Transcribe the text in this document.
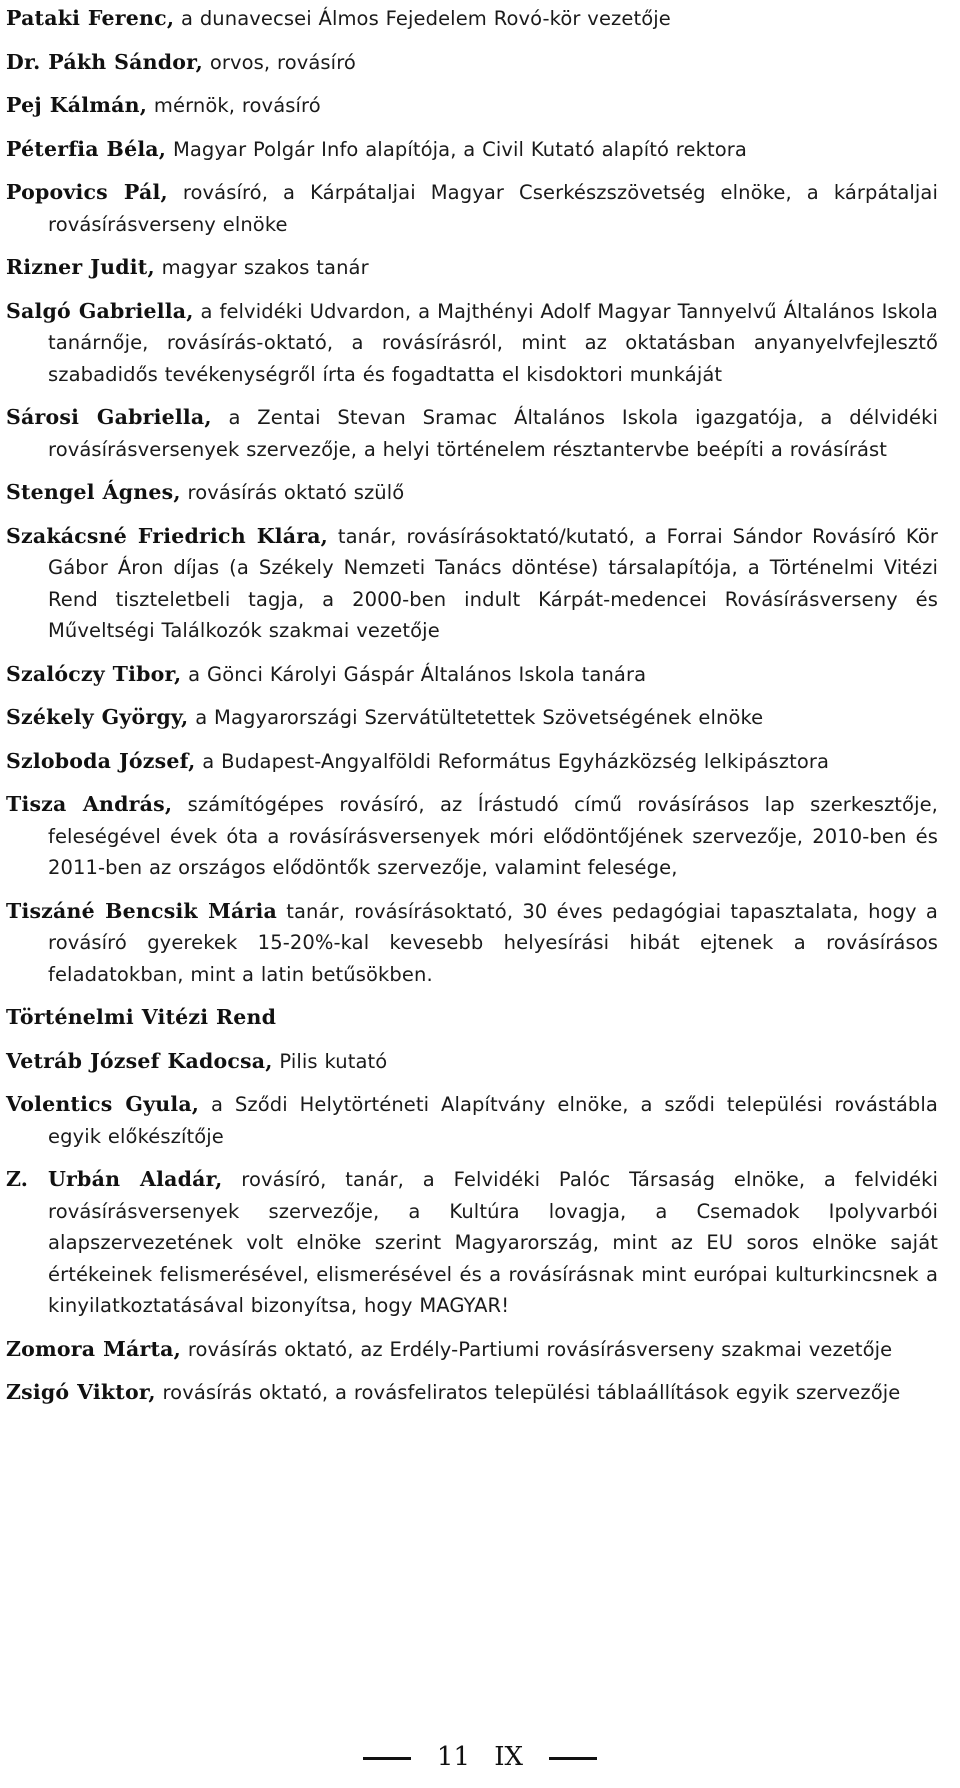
Pataki Ferenc, a dunavecsei Álmos Fejedelem Rovó-kör vezetője

Dr. Pákh Sándor, orvos, rovásíró

Pej Kálmán, mérnök, rovásíró

Péterfia Béla, Magyar Polgár Info alapítója, a Civil Kutató alapító rektora

Popovics Pál, rovásíró, a Kárpátaljai Magyar Cserkészszövetség elnöke, a kárpátaljai rovásírásverseny elnöke

Rizner Judit, magyar szakos tanár

Salgó Gabriella, a felvidéki Udvardon, a Majthényi Adolf Magyar Tannyelvű Általános Iskola tanárnője, rovásírás-oktató, a rovásírásról, mint az oktatásban anyanyelvfejlesztő szabadidős tevékenységről írta és fogadtatta el kisdoktori munkáját

Sárosi Gabriella, a Zentai Stevan Sramac Általános Iskola igazgatója, a délvidéki rovásírásversenyek szervezője, a helyi történelem résztantervbe beépíti a rovásírást

Stengel Ágnes, rovásírás oktató szülő

Szakácsné Friedrich Klára, tanár, rovásírásoktató/kutató, a Forrai Sándor Rovásíró Kör Gábor Áron díjas (a Székely Nemzeti Tanács döntése) társalapítója, a Történelmi Vitézi Rend tiszteletbeli tagja, a 2000-ben indult Kárpát-medencei Rovásírásverseny és Műveltségi Találkozók szakmai vezetője

Szalóczy Tibor, a Gönci Károlyi Gáspár Általános Iskola tanára

Székely György, a Magyarországi Szervátültetettek Szövetségének elnöke

Szloboda József, a Budapest-Angyalföldi Református Egyházközség lelkipásztora

Tisza András, számítógépes rovásíró, az Írástudó című rovásírásos lap szerkesztője, feleségével évek óta a rovásírásversenyek móri elődöntőjének szervezője, 2010-ben és 2011-ben az országos elődöntők szervezője, valamint felesége,

Tiszáné Bencsik Mária tanár, rovásírásoktató, 30 éves pedagógiai tapasztalata, hogy a rovásíró gyerekek 15-20%-kal kevesebb helyesírási hibát ejtenek a rovásírásos feladatokban, mint a latin betűsökben.

Történelmi Vitézi Rend

Vetráb József Kadocsa, Pilis kutató

Volentics Gyula, a Sződi Helytörténeti Alapítvány elnöke, a sződi települési rovástábla egyik előkészítője

Z. Urbán Aladár, rovásíró, tanár, a Felvidéki Palóc Társaság elnöke, a felvidéki rovásírásversenyek szervezője, a Kultúra lovagja, a Csemadok Ipolyvarbói alapszervezetének volt elnöke szerint Magyarország, mint az EU soros elnöke saját értékeinek felismerésével, elismerésével és a rovásírásnak mint európai kulturkincsnek a kinyilatkoztatásával bizonyítsa, hogy MAGYAR!

Zomora Márta, rovásírás oktató, az Erdély-Partiumi rovásírásverseny szakmai vezetője

Zsigó Viktor, rovásírás oktató, a rovásfeliratos települési táblaállítások egyik szervezője

11 IX
